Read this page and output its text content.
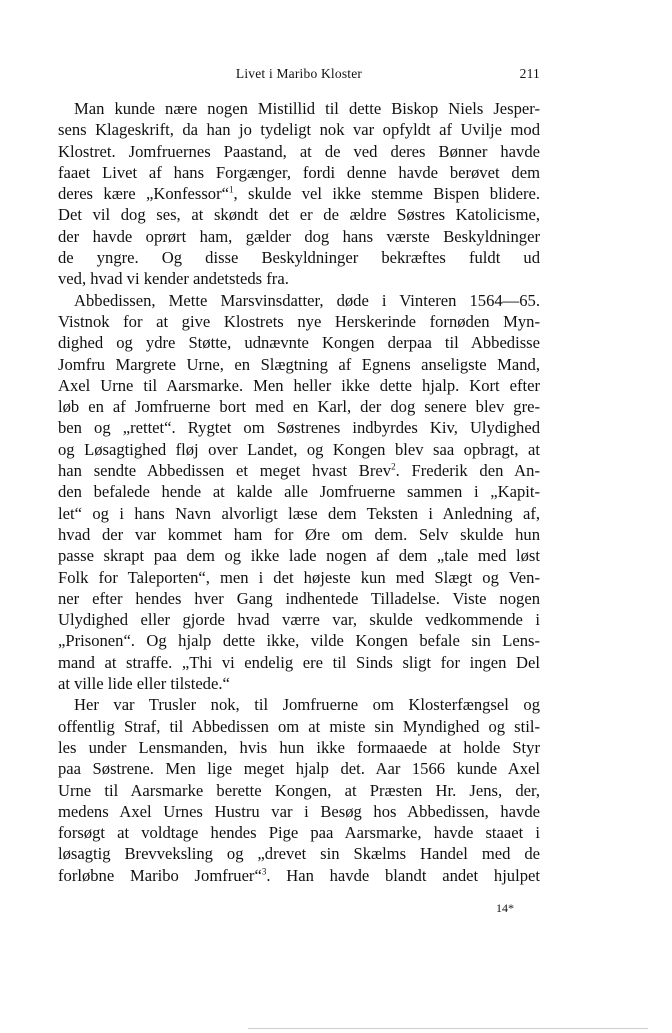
Livet i Maribo Kloster	211
Man kunde nære nogen Mistillid til dette Biskop Niels Jesper-
sens Klageskrift, da han jo tydeligt nok var opfyldt af Uvilje mod
Klostret. Jomfruernes Paastand, at de ved deres Bønner havde
faaet Livet af hans Forgænger, fordi denne havde berøvet dem
deres kære „Konfessor“$^1$, skulde vel ikke stemme Bispen blidere.
Det vil dog ses, at skøndt det er de ældre Søstres Katolicisme,
der havde oprørt ham, gælder dog hans værste Beskyldninger
de yngre. Og disse Beskyldninger bekræftes fuldt ud
ved, hvad vi kender andetsteds fra.
Abbedissen, Mette Marsvinsdatter, døde i Vinteren 1564—65.
Vistnok for at give Klostrets nye Herskerinde fornøden Myn-
dighed og ydre Støtte, udnævnte Kongen derpaa til Abbedisse
Jomfru Margrete Urne, en Slægtning af Egnens anseligste Mand,
Axel Urne til Aarsmarke. Men heller ikke dette hjalp. Kort efter
løb en af Jomfruerne bort med en Karl, der dog senere blev gre-
ben og „rettet“. Rygtet om Søstrenes indbyrdes Kiv, Ulydighed
og Løsagtighed fløj over Landet, og Kongen blev saa opbragt, at
han sendte Abbedissen et meget hvast Brev$^2$. Frederik den An-
den befalede hende at kalde alle Jomfruerne sammen i „Kapit-
let“ og i hans Navn alvorligt læse dem Teksten i Anledning af,
hvad der var kommet ham for Øre om dem. Selv skulde hun
passe skrapt paa dem og ikke lade nogen af dem „tale med løst
Folk for Taleporten“, men i det højeste kun med Slægt og Ven-
ner efter hendes hver Gang indhentede Tilladelse. Viste nogen
Ulydighed eller gjorde hvad værre var, skulde vedkommende i
„Prisonen“. Og hjalp dette ikke, vilde Kongen befale sin Lens-
mand at straffe. „Thi vi endelig ere til Sinds sligt for ingen Del
at ville lide eller tilstede.“
Her var Trusler nok, til Jomfruerne om Klosterfængsel og
offentlig Straf, til Abbedissen om at miste sin Myndighed og stil-
les under Lensmanden, hvis hun ikke formaaede at holde Styr
paa Søstrene. Men lige meget hjalp det. Aar 1566 kunde Axel
Urne til Aarsmarke berette Kongen, at Præsten Hr. Jens, der,
medens Axel Urnes Hustru var i Besøg hos Abbedissen, havde
forsøgt at voldtage hendes Pige paa Aarsmarke, havde staaet i
løsagtig Brevveksling og „drevet sin Skælms Handel med de
forløbne Maribo Jomfruer“$^3$. Han havde blandt andet hjulpet
14*
